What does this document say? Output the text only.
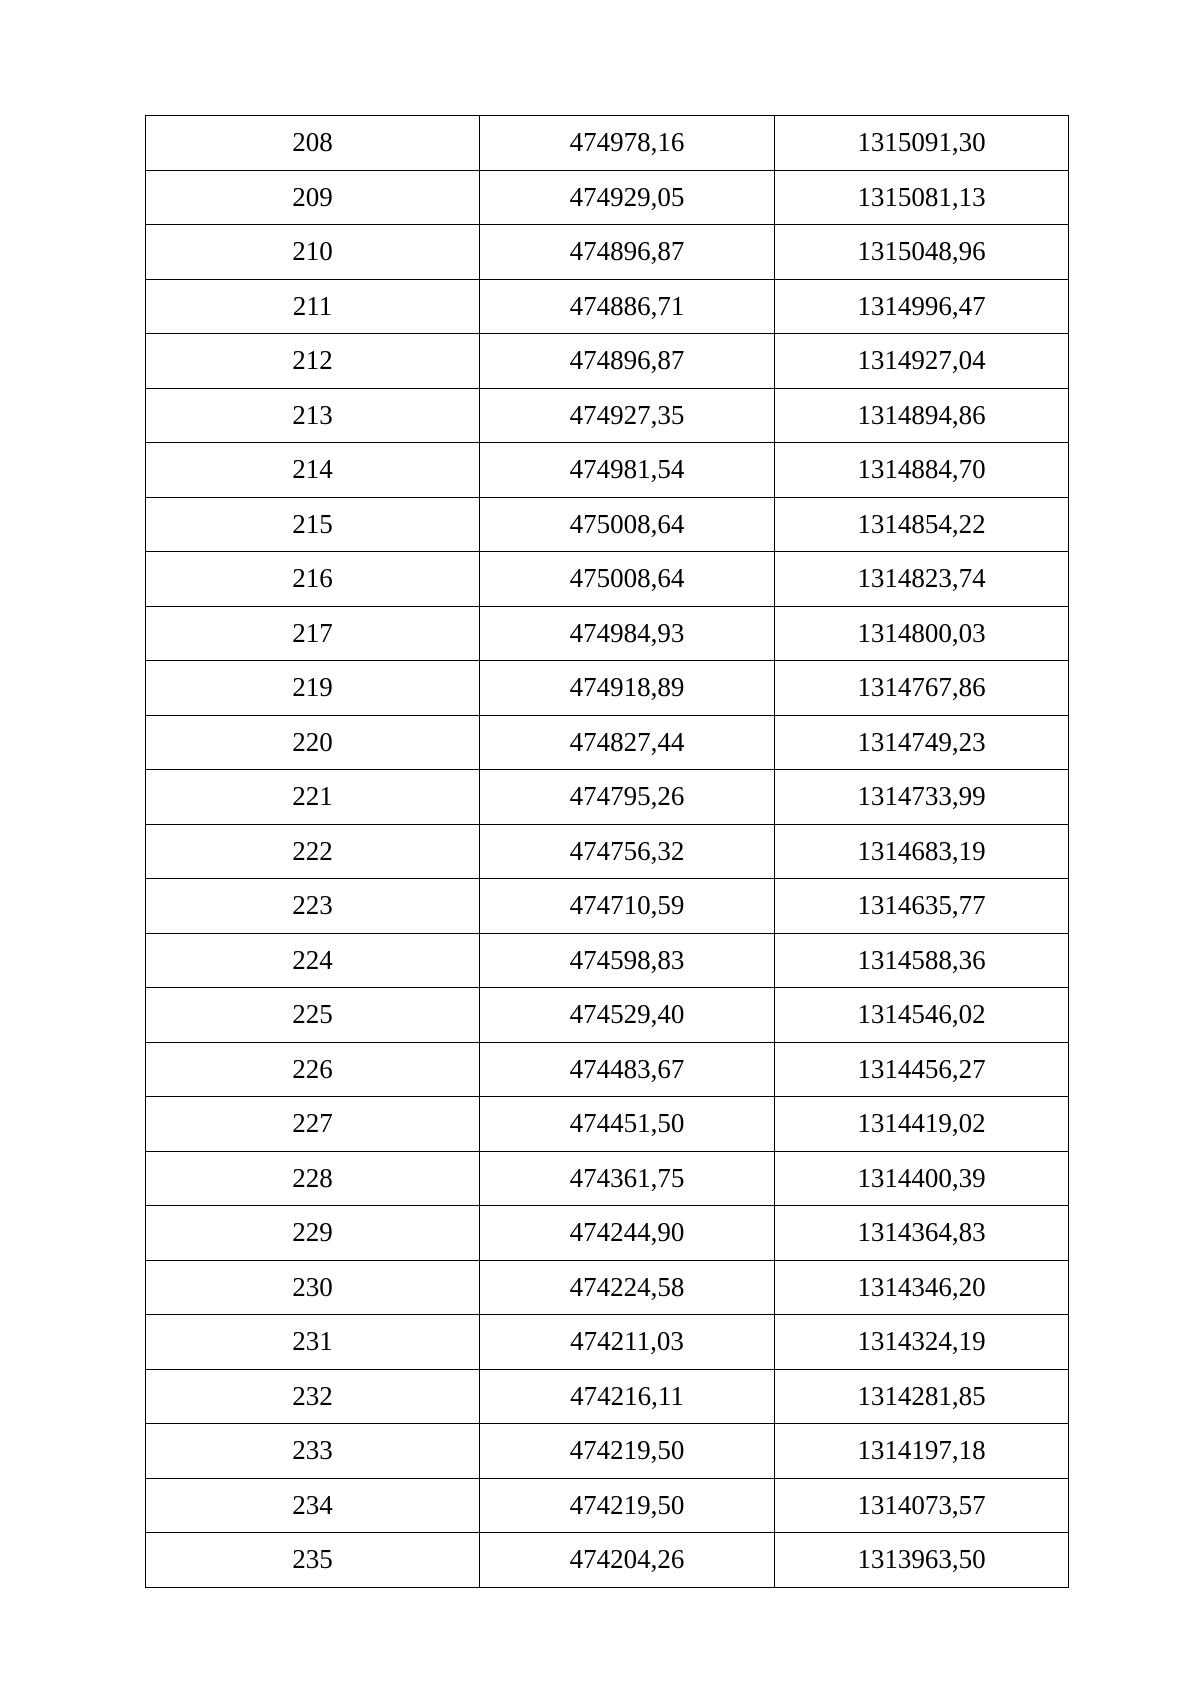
208	474978,16	1315091,30
209	474929,05	1315081,13
210	474896,87	1315048,96
211	474886,71	1314996,47
212	474896,87	1314927,04
213	474927,35	1314894,86
214	474981,54	1314884,70
215	475008,64	1314854,22
216	475008,64	1314823,74
217	474984,93	1314800,03
219	474918,89	1314767,86
220	474827,44	1314749,23
221	474795,26	1314733,99
222	474756,32	1314683,19
223	474710,59	1314635,77
224	474598,83	1314588,36
225	474529,40	1314546,02
226	474483,67	1314456,27
227	474451,50	1314419,02
228	474361,75	1314400,39
229	474244,90	1314364,83
230	474224,58	1314346,20
231	474211,03	1314324,19
232	474216,11	1314281,85
233	474219,50	1314197,18
234	474219,50	1314073,57
235	474204,26	1313963,50
